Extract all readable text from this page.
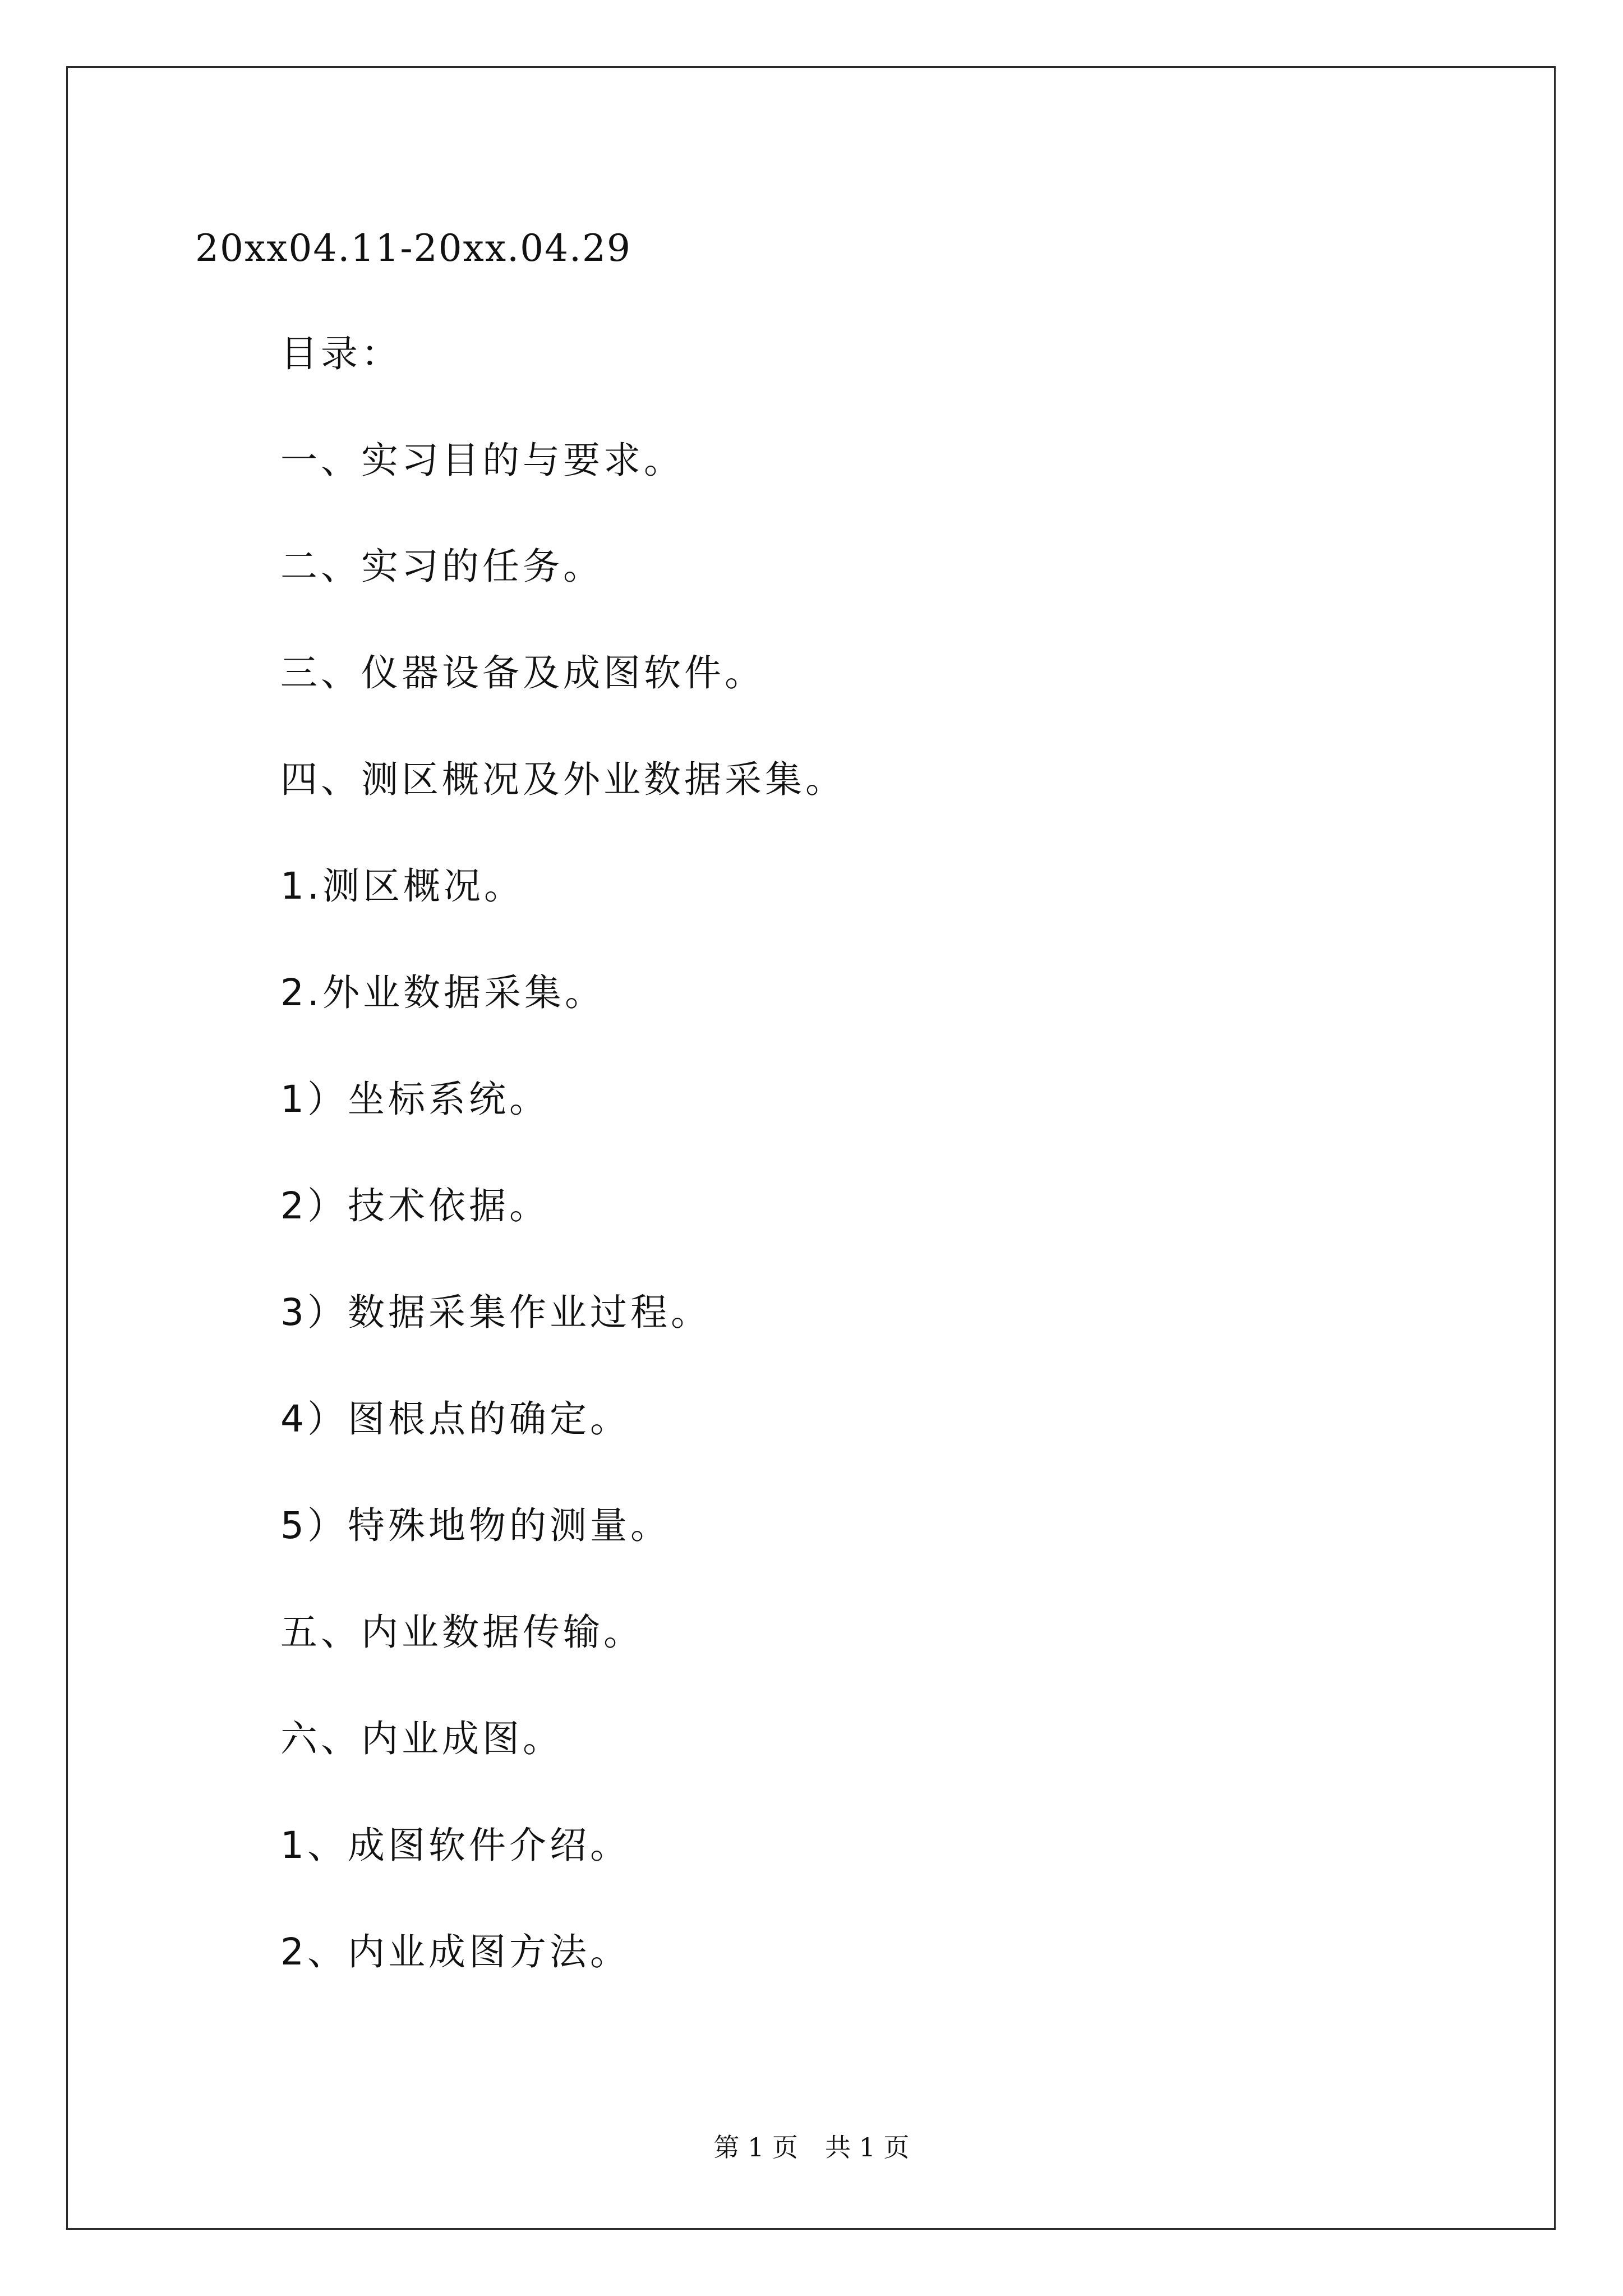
20xx04.11-20xx.04.29
目录：
一、实习目的与要求。
二、实习的任务。
三、仪器设备及成图软件。
四、测区概况及外业数据采集。
1.测区概况。
2.外业数据采集。
1）坐标系统。
2）技术依据。
3）数据采集作业过程。
4）图根点的确定。
5）特殊地物的测量。
五、内业数据传输。
六、内业成图。
1、成图软件介绍。
2、内业成图方法。
第 1 页 共 1 页
